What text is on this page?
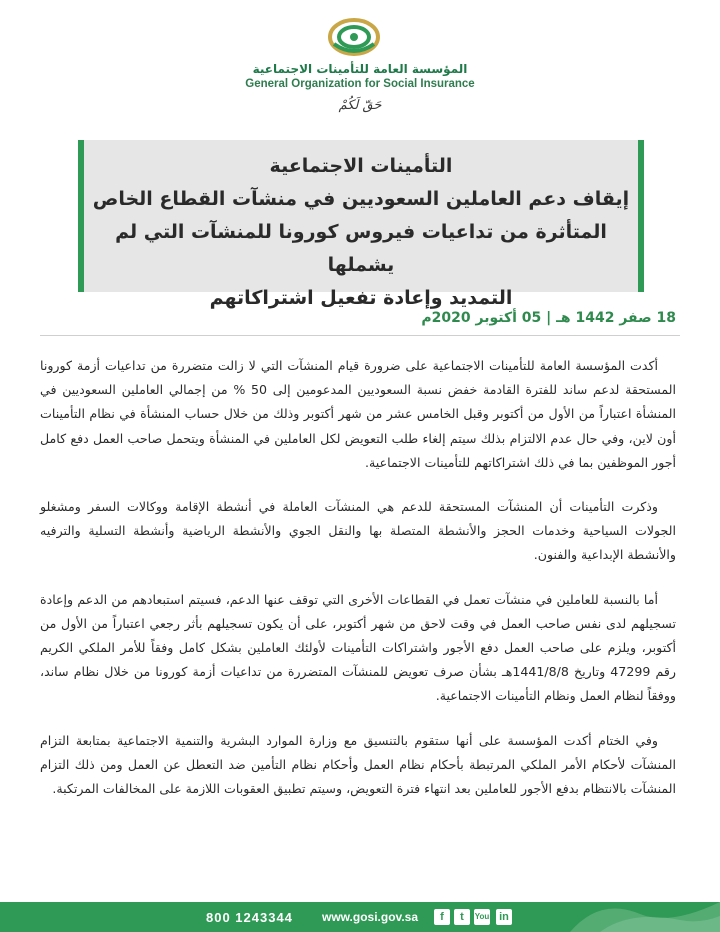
المؤسسة العامة للتأمينات الاجتماعية
General Organization for Social Insurance
حَقّ لَكُمْ

التأمينات الاجتماعية

إيقاف دعم العاملين السعوديين في منشآت القطاع الخاص

المتأثرة من تداعيات فيروس كورونا للمنشآت التي لم يشملها

التمديد وإعادة تفعيل اشتراكاتهم

18 صفر 1442 هـ | 05 أكتوبر 2020م

أكدت المؤسسة العامة للتأمينات الاجتماعية على ضرورة قيام المنشآت التي لا زالت متضررة من تداعيات أزمة كورونا المستحقة لدعم ساند للفترة القادمة خفض نسبة السعوديين المدعومين إلى 50 % من إجمالي العاملين السعوديين في المنشأة اعتباراً من الأول من أكتوبر وقبل الخامس عشر من شهر أكتوبر وذلك من خلال حساب المنشأة في نظام التأمينات أون لاين، وفي حال عدم الالتزام بذلك سيتم إلغاء طلب التعويض لكل العاملين في المنشأة ويتحمل صاحب العمل دفع كامل أجور الموظفين بما في ذلك اشتراكاتهم للتأمينات الاجتماعية.

وذكرت التأمينات أن المنشآت المستحقة للدعم هي المنشآت العاملة في أنشطة الإقامة ووكالات السفر ومشغلو الجولات السياحية وخدمات الحجز والأنشطة المتصلة بها والنقل الجوي والأنشطة الرياضية وأنشطة التسلية والترفيه والأنشطة الإبداعية والفنون.

أما بالنسبة للعاملين في منشآت تعمل في القطاعات الأخرى التي توقف عنها الدعم، فسيتم استبعادهم من الدعم وإعادة تسجيلهم لدى نفس صاحب العمل في وقت لاحق من شهر أكتوبر، على أن يكون تسجيلهم بأثر رجعي اعتباراً من الأول من أكتوبر، ويلزم على صاحب العمل دفع الأجور واشتراكات التأمينات لأولئك العاملين بشكل كامل وفقاً للأمر الملكي الكريم رقم 47299 وتاريخ 1441/8/8هـ بشأن صرف تعويض للمنشآت المتضررة من تداعيات أزمة كورونا من خلال نظام ساند، ووفقاً لنظام العمل ونظام التأمينات الاجتماعية.

وفي الختام أكدت المؤسسة على أنها ستقوم بالتنسيق مع وزارة الموارد البشرية والتنمية الاجتماعية بمتابعة التزام المنشآت لأحكام الأمر الملكي المرتبطة بأحكام نظام العمل وأحكام نظام التأمين ضد التعطل عن العمل ومن ذلك التزام المنشآت بالانتظام بدفع الأجور للعاملين بعد انتهاء فترة التعويض، وسيتم تطبيق العقوبات اللازمة على المخالفات المرتكبة.

800 1243344 www.gosi.gov.sa	f	t	You in
